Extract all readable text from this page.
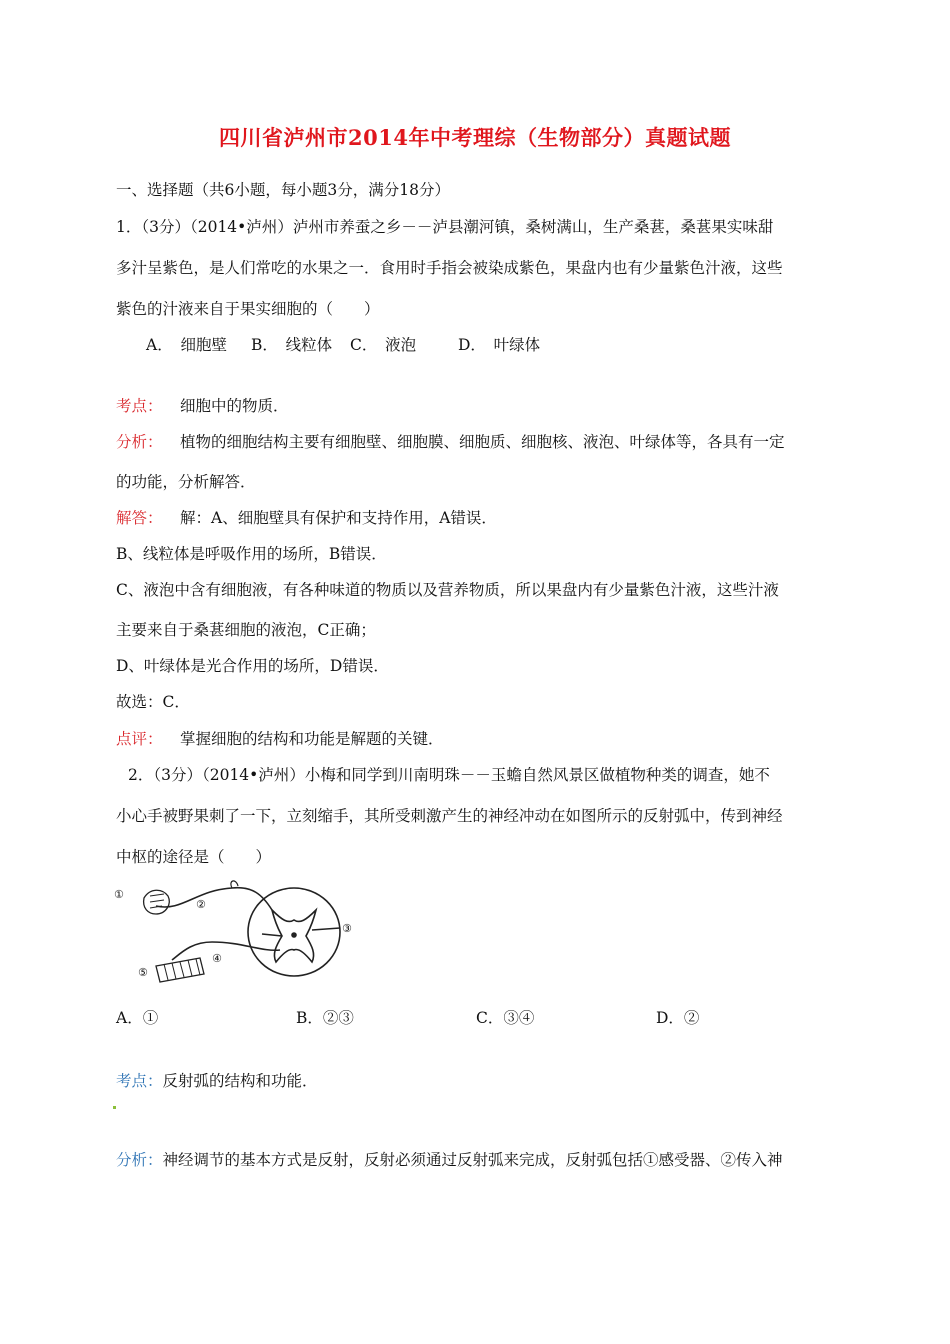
四川省泸州市2014年中考理综（生物部分）真题试题
一、选择题（共6小题，每小题3分，满分18分）
1．（3分）（2014•泸州）泸州市养蚕之乡－－泸县潮河镇，桑树满山，生产桑葚，桑葚果实味甜
多汁呈紫色，是人们常吃的水果之一．食用时手指会被染成紫色，果盘内也有少量紫色汁液，这些
紫色的汁液来自于果实细胞的（　　）
A．　细胞壁 B．　线粒体 C．　液泡	D．　叶绿体
考点： 细胞中的物质．
分析： 植物的细胞结构主要有细胞壁、细胞膜、细胞质、细胞核、液泡、叶绿体等，各具有一定
的功能，分析解答．
解答： 解：A、细胞壁具有保护和支持作用，A错误．
B、线粒体是呼吸作用的场所，B错误．
C、液泡中含有细胞液，有各种味道的物质以及营养物质，所以果盘内有少量紫色汁液，这些汁液
主要来自于桑葚细胞的液泡，C正确；
D、叶绿体是光合作用的场所，D错误．
故选：C．
点评： 掌握细胞的结构和功能是解题的关键．
2．（3分）（2014•泸州）小梅和同学到川南明珠－－玉蟾自然风景区做植物种类的调查，她不
小心手被野果刺了一下，立刻缩手，其所受刺激产生的神经冲动在如图所示的反射弧中，传到神经
中枢的途径是（　　）
①
②
③
④
⑤
A．①	B．②③	C．③④	D．②
考点：反射弧的结构和功能．
分析：神经调节的基本方式是反射，反射必须通过反射弧来完成，反射弧包括①感受器、②传入神
